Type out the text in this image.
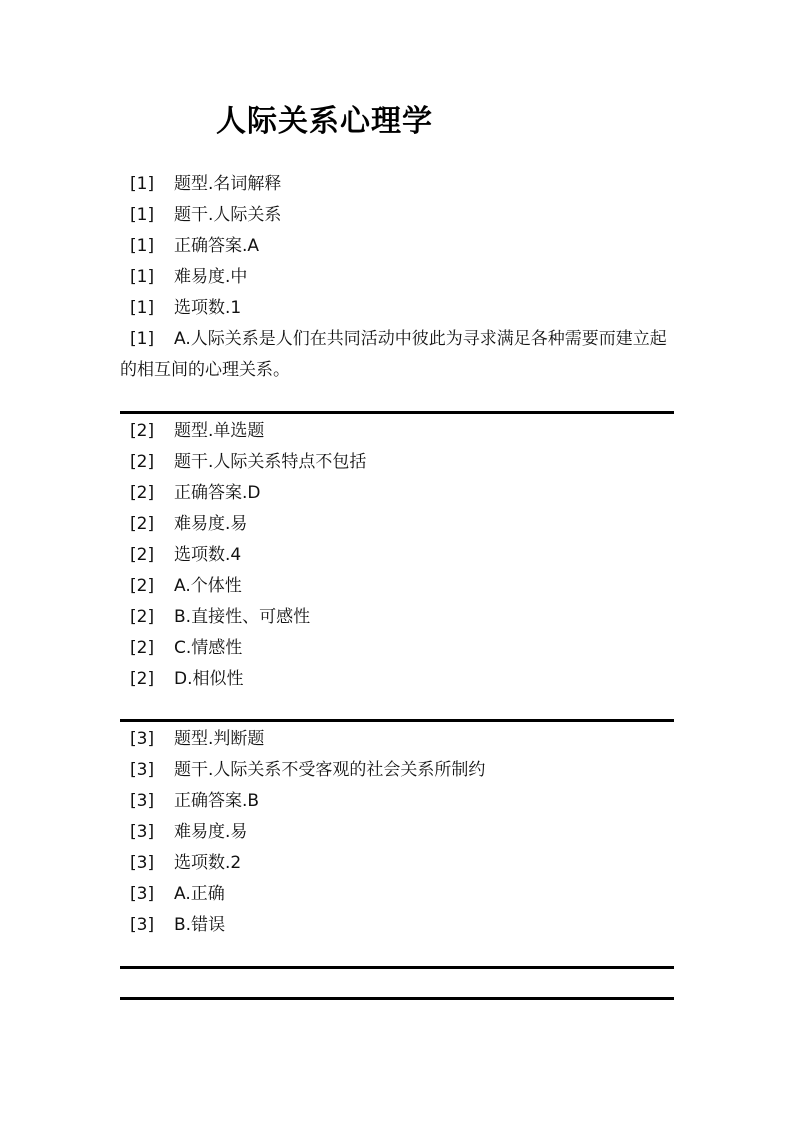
人际关系心理学
[1] 题型.名词解释
[1] 题干.人际关系
[1] 正确答案.A
[1] 难易度.中
[1] 选项数.1
[1] A.人际关系是人们在共同活动中彼此为寻求满足各种需要而建立起的相互间的心理关系。
[2] 题型.单选题
[2] 题干.人际关系特点不包括
[2] 正确答案.D
[2] 难易度.易
[2] 选项数.4
[2] A.个体性
[2] B.直接性、可感性
[2] C.情感性
[2] D.相似性
[3] 题型.判断题
[3] 题干.人际关系不受客观的社会关系所制约
[3] 正确答案.B
[3] 难易度.易
[3] 选项数.2
[3] A.正确
[3] B.错误
